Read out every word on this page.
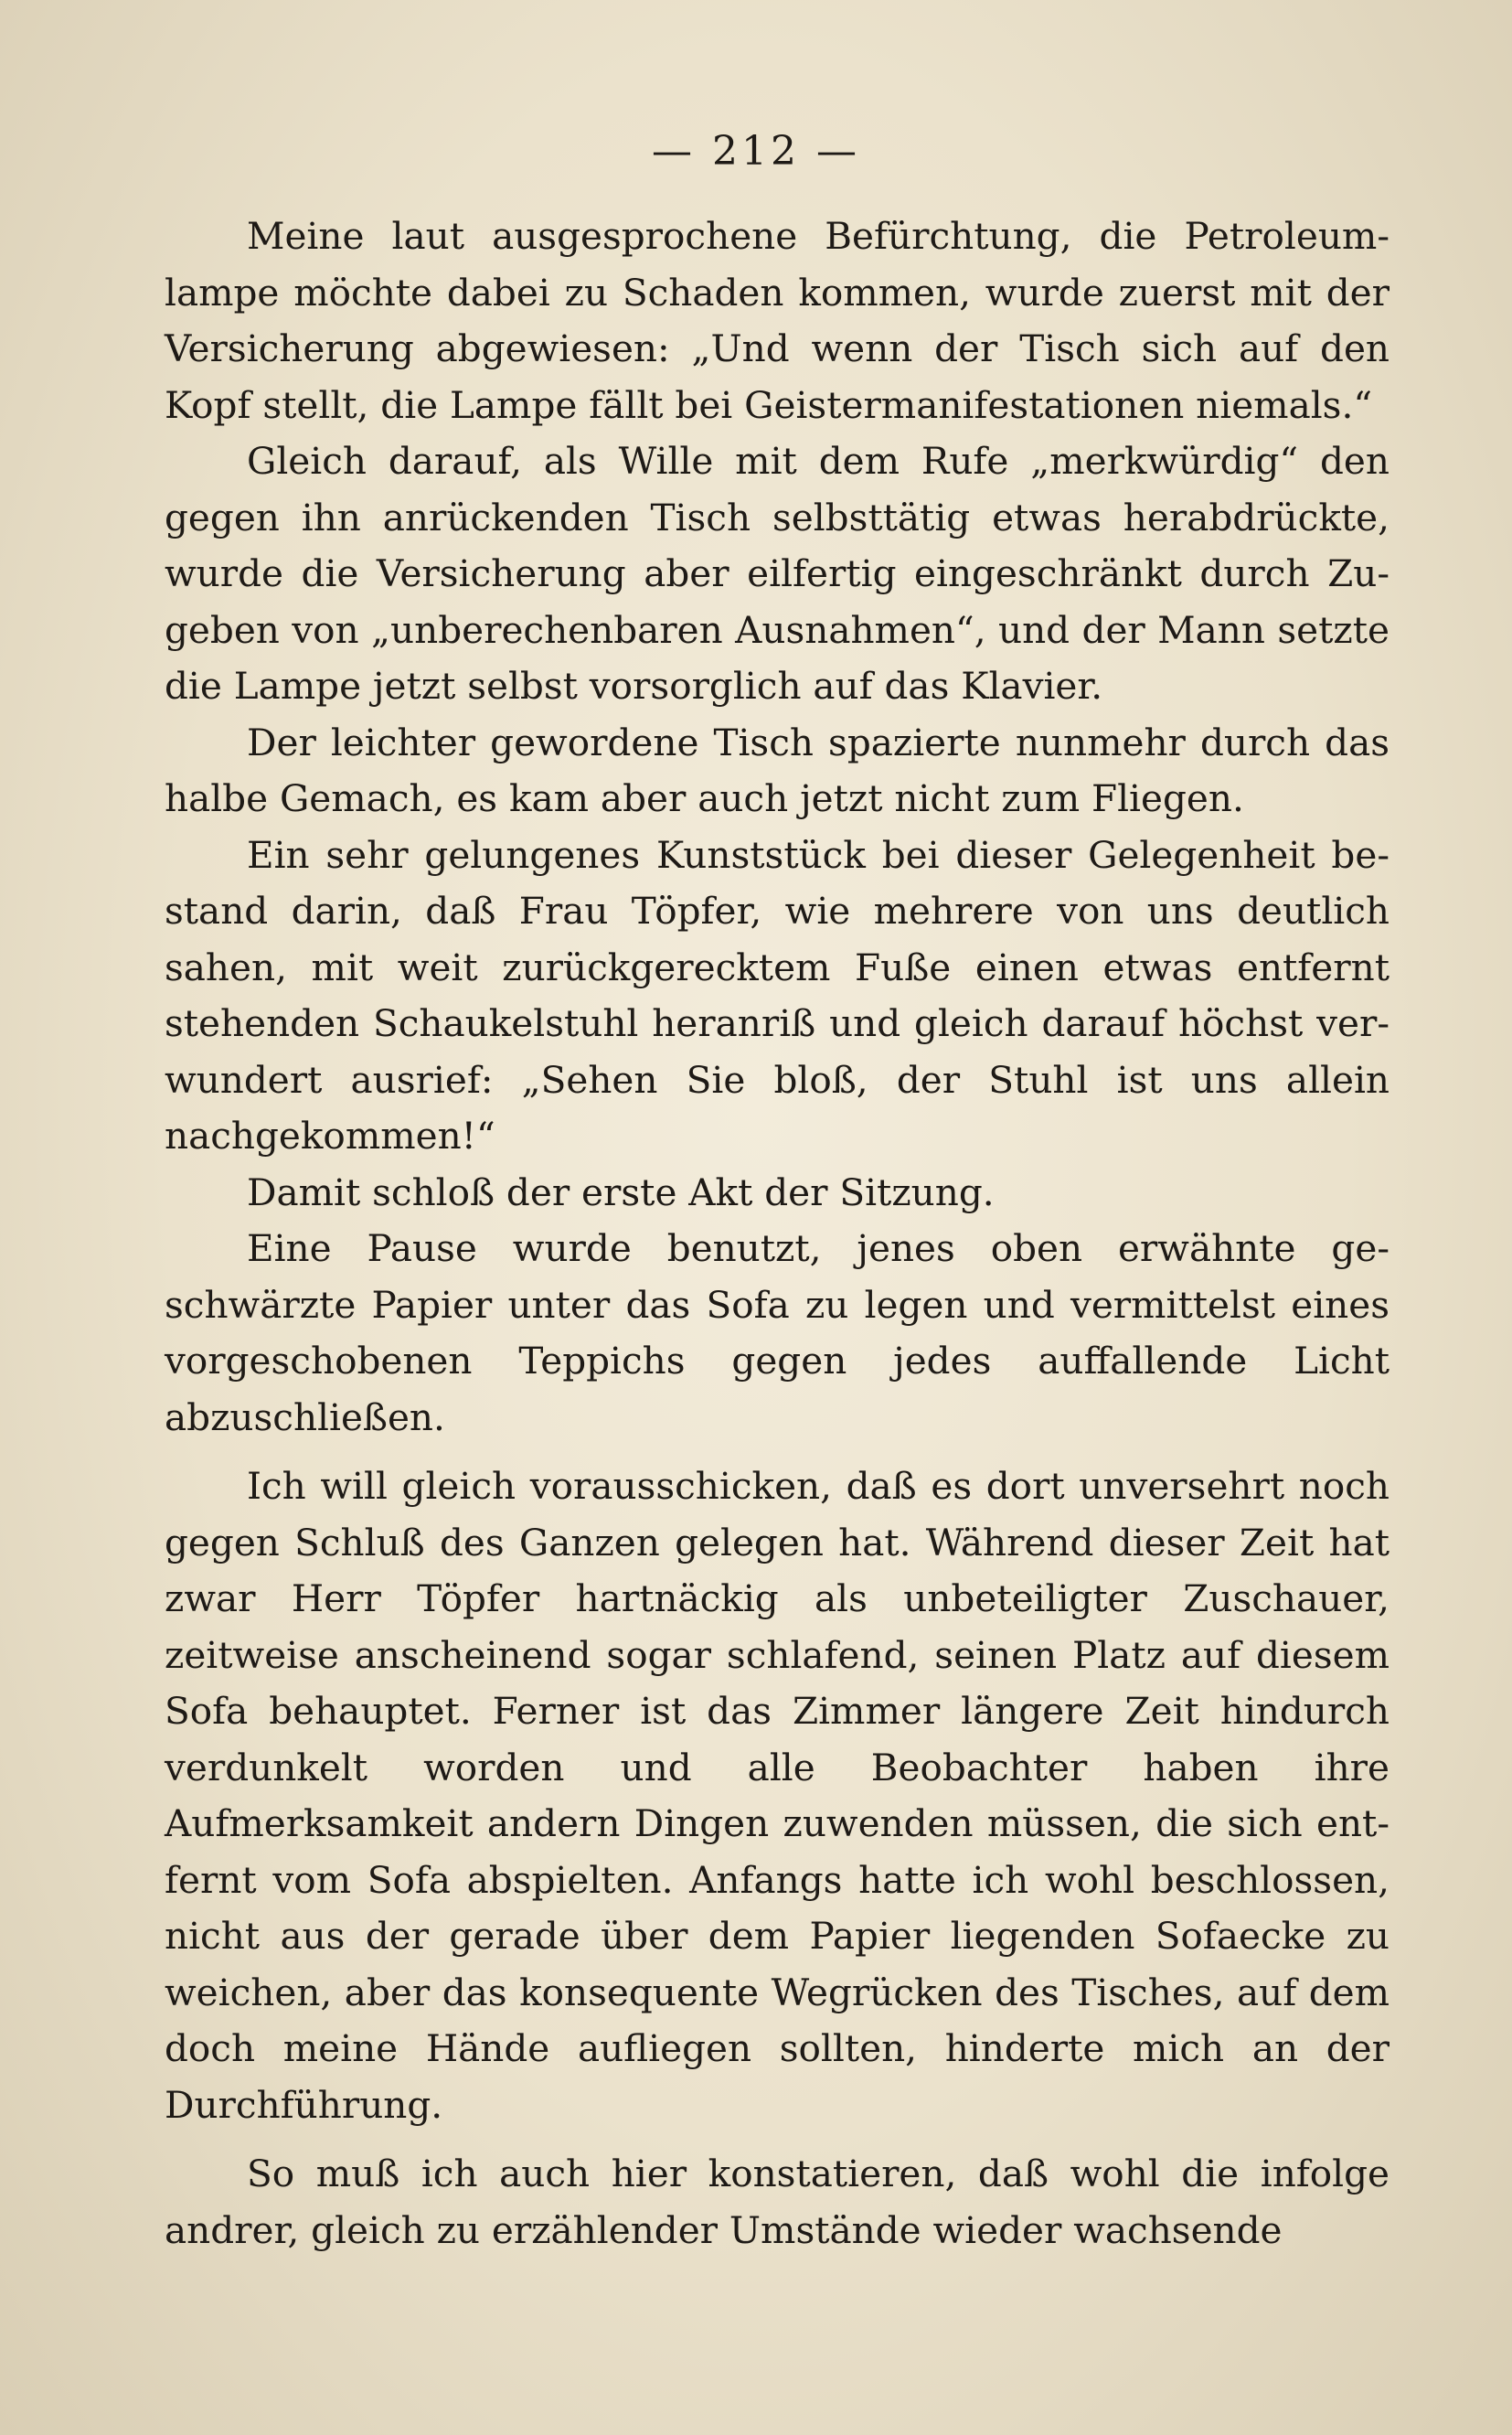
— 212 —

Meine laut ausgesprochene Befürchtung, die Petroleumlampe möchte dabei zu Schaden kommen, wurde zuerst mit der Versicherung abgewiesen: „Und wenn der Tisch sich auf den Kopf stellt, die Lampe fällt bei Geistermanifestationen niemals.“

Gleich darauf, als Wille mit dem Rufe „merkwürdig“ den gegen ihn anrückenden Tisch selbsttätig etwas herabdrückte, wurde die Versicherung aber eilfertig eingeschränkt durch Zugeben von „unberechenbaren Ausnahmen“, und der Mann setzte die Lampe jetzt selbst vorsorglich auf das Klavier.

Der leichter gewordene Tisch spazierte nunmehr durch das halbe Gemach, es kam aber auch jetzt nicht zum Fliegen.

Ein sehr gelungenes Kunststück bei dieser Gelegenheit bestand darin, daß Frau Töpfer, wie mehrere von uns deutlich sahen, mit weit zurückgerecktem Fuße einen etwas entfernt stehenden Schaukelstuhl heranriß und gleich darauf höchst verwundert ausrief: „Sehen Sie bloß, der Stuhl ist uns allein nachgekommen!“

Damit schloß der erste Akt der Sitzung.

Eine Pause wurde benutzt, jenes oben erwähnte geschwärzte Papier unter das Sofa zu legen und vermittelst eines vorgeschobenen Teppichs gegen jedes auffallende Licht abzuschließen.

Ich will gleich vorausschicken, daß es dort unversehrt noch gegen Schluß des Ganzen gelegen hat. Während dieser Zeit hat zwar Herr Töpfer hartnäckig als unbeteiligter Zuschauer, zeitweise anscheinend sogar schlafend, seinen Platz auf diesem Sofa behauptet. Ferner ist das Zimmer längere Zeit hindurch verdunkelt worden und alle Beobachter haben ihre Aufmerksamkeit andern Dingen zuwenden müssen, die sich entfernt vom Sofa abspielten. Anfangs hatte ich wohl beschlossen, nicht aus der gerade über dem Papier liegenden Sofaecke zu weichen, aber das konsequente Wegrücken des Tisches, auf dem doch meine Hände aufliegen sollten, hinderte mich an der Durchführung.

So muß ich auch hier konstatieren, daß wohl die infolge andrer, gleich zu erzählender Umstände wieder wachsende
